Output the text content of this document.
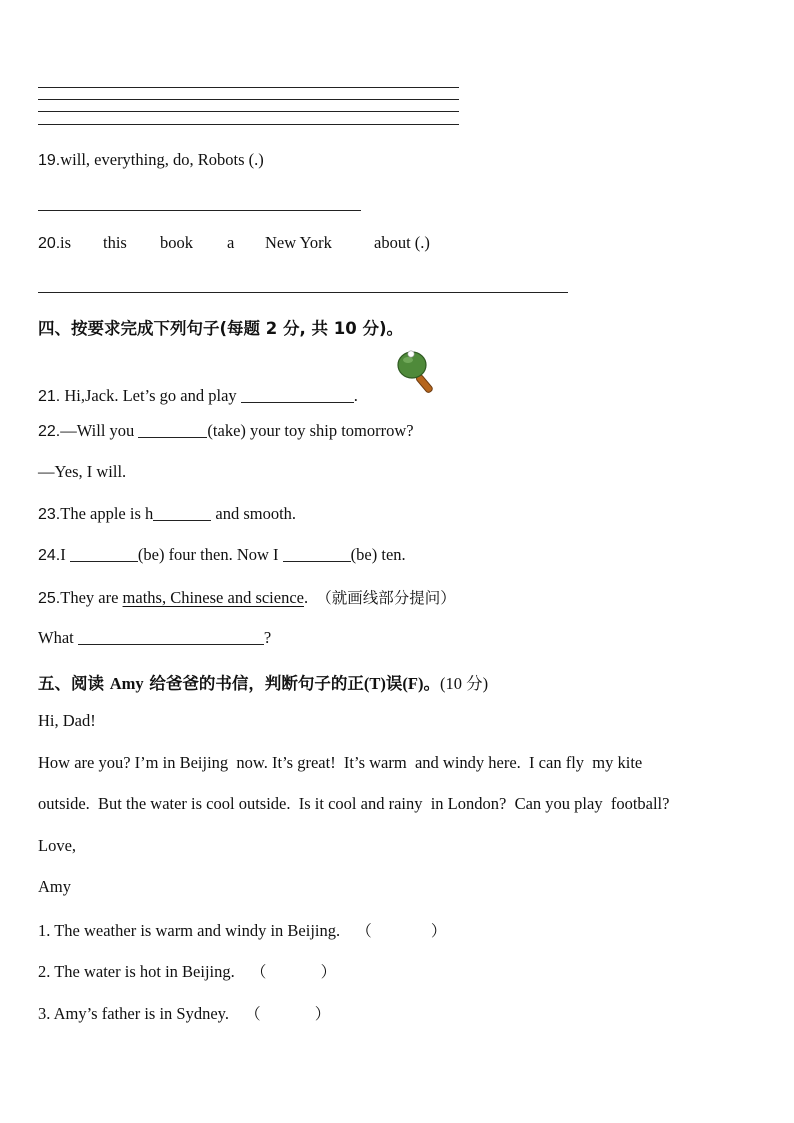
19.will, everything, do, Robots (.)
20. is this book a New York	about (.)
四、按要求完成下列句子(每题 2 分, 共 10 分)。
21. Hi,Jack. Let’s go and play	.
22.—Will you	(take) your toy ship tomorrow?
—Yes, I will.
23.The apple is h	and smooth.
24.I	(be) four then. Now I	(be) ten.
25.They are maths, Chinese and science. （就画线部分提问）
What	?
五、阅读 Amy 给爸爸的书信，判断句子的正(T)误(F)。(10 分)
Hi, Dad!
How are you? I’m in Beijing  now. It’s great!  It’s warm  and windy here.  I can fly  my kite
outside.  But the water is cool outside.  Is it cool and rainy  in London?  Can you play  football?
Love,
Amy
1. The weather is warm and windy in Beijing. （            ）
2. The water is hot in Beijing. （           ）
3. Amy’s father is in Sydney. （           ）
